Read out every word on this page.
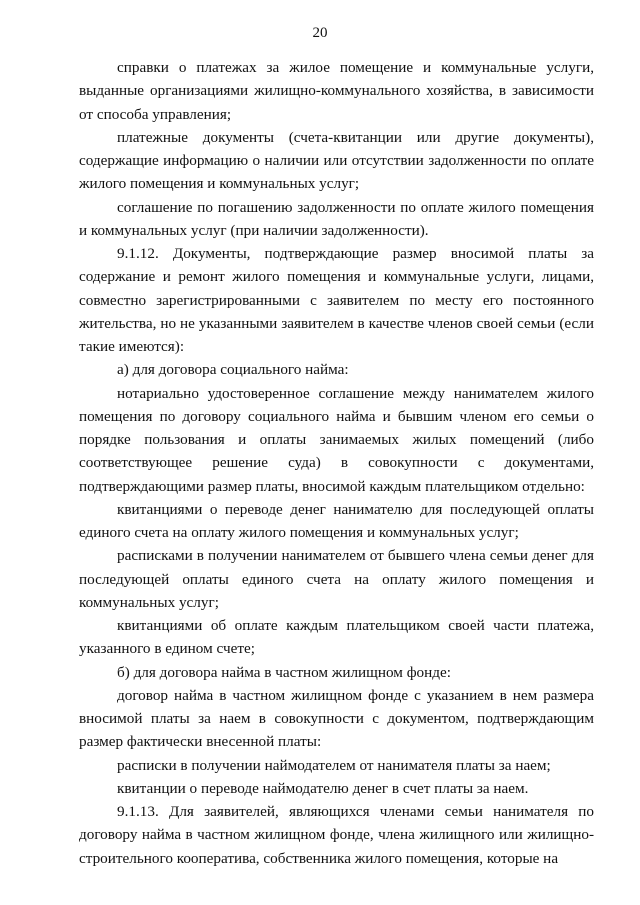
20

справки о платежах за жилое помещение и коммунальные услуги, выданные организациями жилищно-коммунального хозяйства, в зависимости от способа управления;

платежные документы (счета-квитанции или другие документы), содержащие информацию о наличии или отсутствии задолженности по оплате жилого помещения и коммунальных услуг;

соглашение по погашению задолженности по оплате жилого помещения и коммунальных услуг (при наличии задолженности).

9.1.12. Документы, подтверждающие размер вносимой платы за содержание и ремонт жилого помещения и коммунальные услуги, лицами, совместно зарегистрированными с заявителем по месту его постоянного жительства, но не указанными заявителем в качестве членов своей семьи (если такие имеются):

а) для договора социального найма:

нотариально удостоверенное соглашение между нанимателем жилого помещения по договору социального найма и бывшим членом его семьи о порядке пользования и оплаты занимаемых жилых помещений (либо соответствующее решение суда) в совокупности с документами, подтверждающими размер платы, вносимой каждым плательщиком отдельно:

квитанциями о переводе денег нанимателю для последующей оплаты единого счета на оплату жилого помещения и коммунальных услуг;

расписками в получении нанимателем от бывшего члена семьи денег для последующей оплаты единого счета на оплату жилого помещения и коммунальных услуг;

квитанциями об оплате каждым плательщиком своей части платежа, указанного в едином счете;

б) для договора найма в частном жилищном фонде:

договор найма в частном жилищном фонде с указанием в нем размера вносимой платы за наем в совокупности с документом, подтверждающим размер фактически внесенной платы:

расписки в получении наймодателем от нанимателя платы за наем;

квитанции о переводе наймодателю денег в счет платы за наем.

9.1.13. Для заявителей, являющихся членами семьи нанимателя по договору найма в частном жилищном фонде, члена жилищного или жилищно-строительного кооператива, собственника жилого помещения, которые на
